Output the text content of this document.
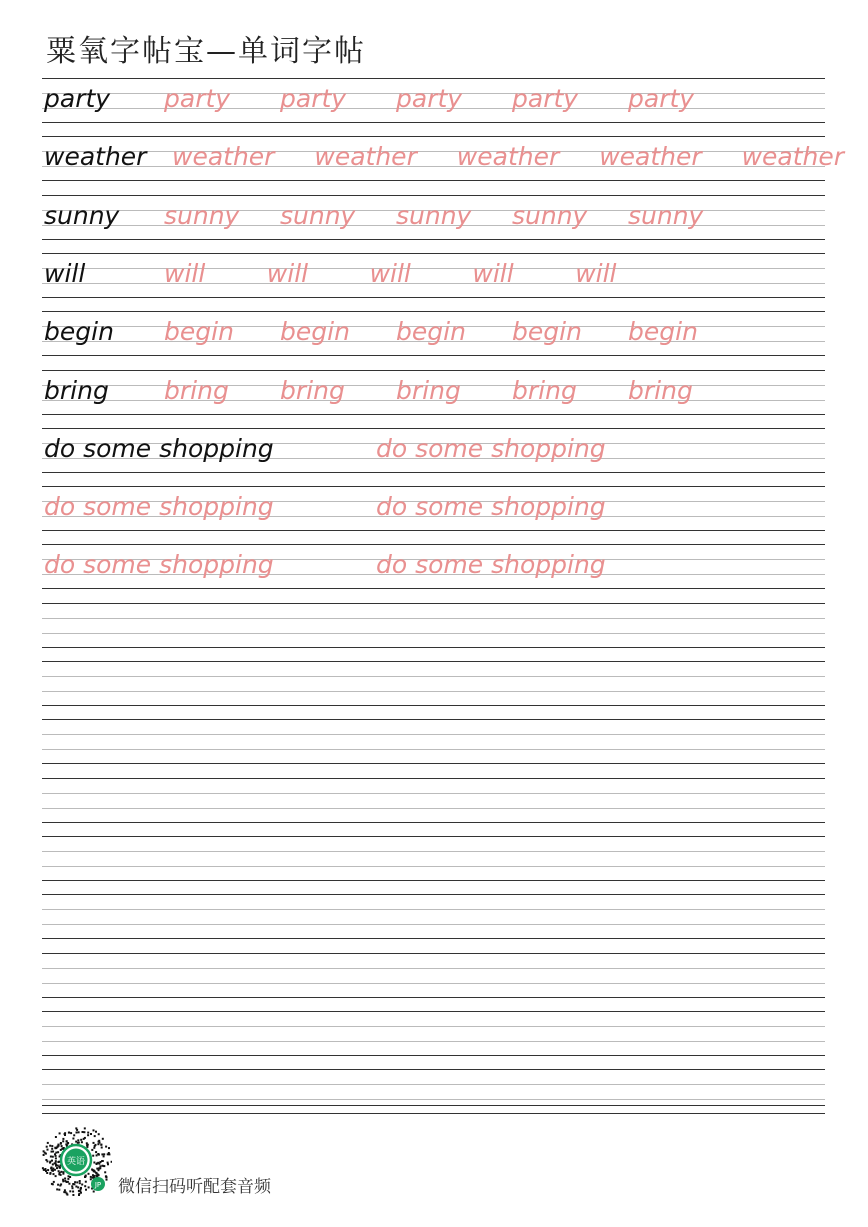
粟氧字帖宝—单词字帖
party party party party party party
weather weather weather weather weather weather
sunny sunny sunny sunny sunny sunny
will	will will will will will
begin begin begin begin begin begin
bring bring bring bring bring bring
do some shopping	do some shopping
do some shopping	do some shopping
do some shopping	do some shopping
英语
JP 微信扫码听配套音频
